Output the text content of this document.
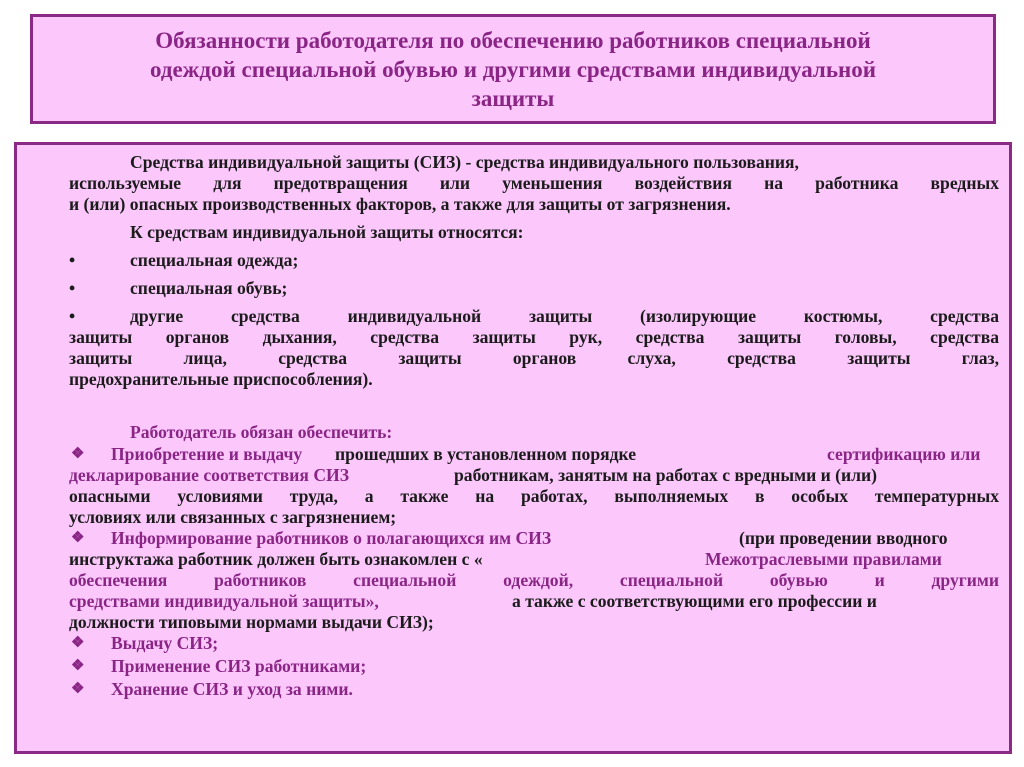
Обязанности работодателя по обеспечению работников специальной
одеждой специальной обувью и другими средствами индивидуальной
защиты
Средства индивидуальной защиты (СИЗ) - средства индивидуального пользования,
используемые для предотвращения или уменьшения воздействия на работника вредных
и (или) опасных производственных факторов, а также для защиты от загрязнения.
К средствам индивидуальной защиты относятся:
•	специальная одежда;
•	специальная обувь;
•	другие средства индивидуальной защиты (изолирующие костюмы, средства
защиты органов дыхания, средства защиты рук, средства защиты головы, средства
защиты лица, средства защиты органов слуха, средства защиты глаз,
предохранительные приспособления).
Работодатель обязан обеспечить:
❖ Приобретение и выдачу прошедших в установленном порядке	сертификацию или
декларирование соответствия СИЗ	работникам, занятым на работах с вредными и (или)
опасными условиями труда, а также на работах, выполняемых в особых температурных
условиях или связанных с загрязнением;
❖ Информирование работников о полагающихся им СИЗ	(при проведении вводного
инструктажа работник должен быть ознакомлен с «	Межотраслевыми правилами
обеспечения работников специальной одеждой, специальной обувью и другими
средствами индивидуальной защиты»,	а также с соответствующими его профессии и
должности типовыми нормами выдачи СИЗ);
❖ Выдачу СИЗ;
❖ Применение СИЗ работниками;
❖ Хранение СИЗ и уход за ними.
